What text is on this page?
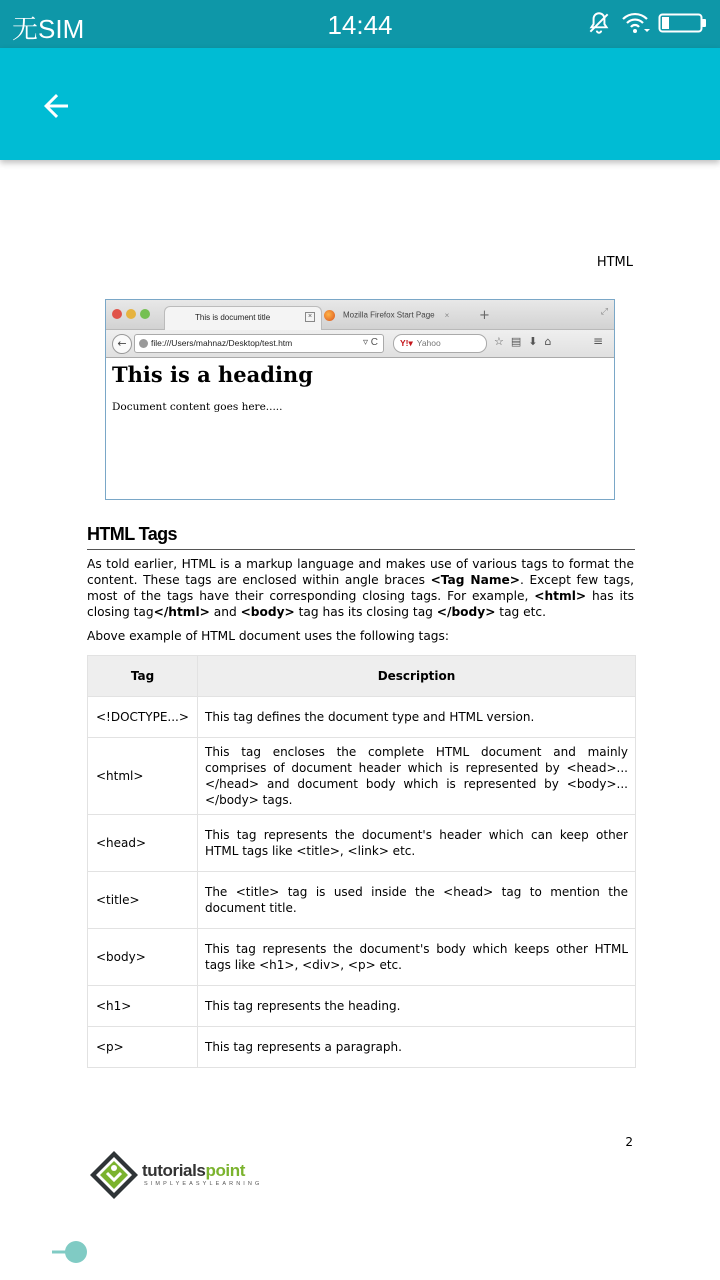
无SIM	14:44
HTML
This is document title	×	Mozilla Firefox Start Page × +	⤢
←	file:///Users/mahnaz/Desktop/test.htm	▿ C	Y!▾ Yahoo	☆ ▤ ⬇ ⌂	≡
This is a heading
Document content goes here.....
HTML Tags
As told earlier, HTML is a markup language and makes use of various tags to format the content. These tags are enclosed within angle braces <Tag Name>. Except few tags, most of the tags have their corresponding closing tags. For example, <html> has its closing tag</html> and <body> tag has its closing tag </body> tag etc.
Above example of HTML document uses the following tags:
Tag	Description
<!DOCTYPE...>	This tag defines the document type and HTML version.
<html>	This tag encloses the complete HTML document and mainly comprises of document header which is represented by <head>...</head> and document body which is represented by <body>...</body> tags.
<head>	This tag represents the document's header which can keep other HTML tags like <title>, <link> etc.
<title>	The <title> tag is used inside the <head> tag to mention the document title.
<body>	This tag represents the document's body which keeps other HTML tags like <h1>, <div>, <p> etc.
<h1>	This tag represents the heading.
<p>	This tag represents a paragraph.
2
tutorialspoint
SIMPLYEASYLEARNING
